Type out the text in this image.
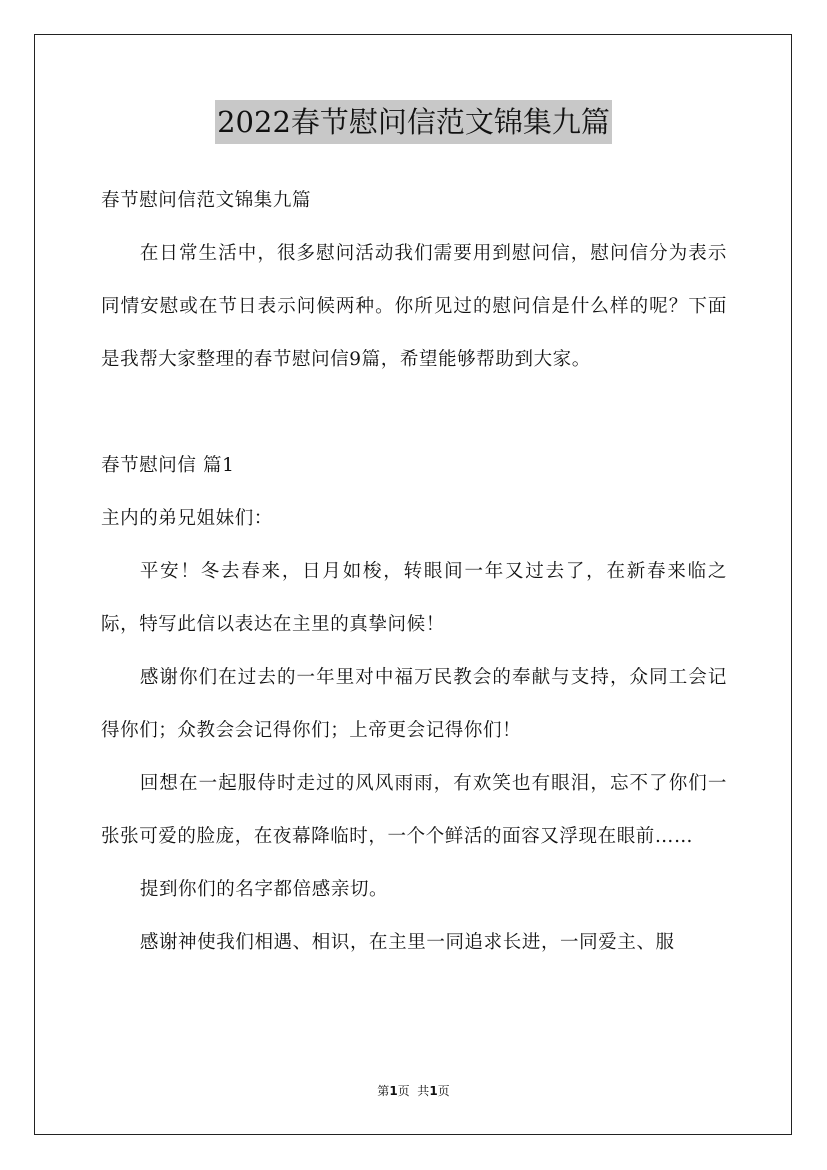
2022春节慰问信范文锦集九篇

春节慰问信范文锦集九篇

在日常生活中，很多慰问活动我们需要用到慰问信，慰问信分为表示同情安慰或在节日表示问候两种。你所见过的慰问信是什么样的呢？下面是我帮大家整理的春节慰问信9篇，希望能够帮助到大家。

春节慰问信 篇1

主内的弟兄姐妹们：

平安！冬去春来，日月如梭，转眼间一年又过去了，在新春来临之际，特写此信以表达在主里的真挚问候！

感谢你们在过去的一年里对中福万民教会的奉献与支持，众同工会记得你们；众教会会记得你们；上帝更会记得你们！

回想在一起服侍时走过的风风雨雨，有欢笑也有眼泪，忘不了你们一张张可爱的脸庞，在夜幕降临时，一个个鲜活的面容又浮现在眼前……

提到你们的名字都倍感亲切。

感谢神使我们相遇、相识，在主里一同追求长进，一同爱主、服

第1页  共1页
